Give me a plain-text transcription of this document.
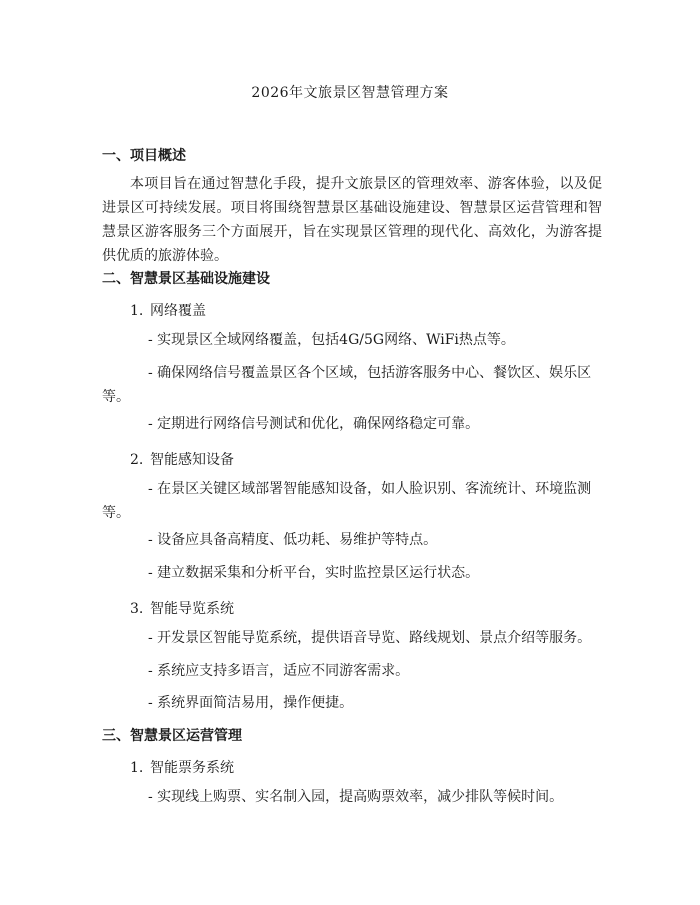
2026年文旅景区智慧管理方案
一、项目概述
本项目旨在通过智慧化手段，提升文旅景区的管理效率、游客体验，以及促进景区可持续发展。项目将围绕智慧景区基础设施建设、智慧景区运营管理和智慧景区游客服务三个方面展开，旨在实现景区管理的现代化、高效化，为游客提供优质的旅游体验。
二、智慧景区基础设施建设
1. 网络覆盖
- 实现景区全域网络覆盖，包括4G/5G网络、WiFi热点等。
- 确保网络信号覆盖景区各个区域，包括游客服务中心、餐饮区、娱乐区等。
- 定期进行网络信号测试和优化，确保网络稳定可靠。
2. 智能感知设备
- 在景区关键区域部署智能感知设备，如人脸识别、客流统计、环境监测等。
- 设备应具备高精度、低功耗、易维护等特点。
- 建立数据采集和分析平台，实时监控景区运行状态。
3. 智能导览系统
- 开发景区智能导览系统，提供语音导览、路线规划、景点介绍等服务。
- 系统应支持多语言，适应不同游客需求。
- 系统界面简洁易用，操作便捷。
三、智慧景区运营管理
1. 智能票务系统
- 实现线上购票、实名制入园，提高购票效率，减少排队等候时间。
